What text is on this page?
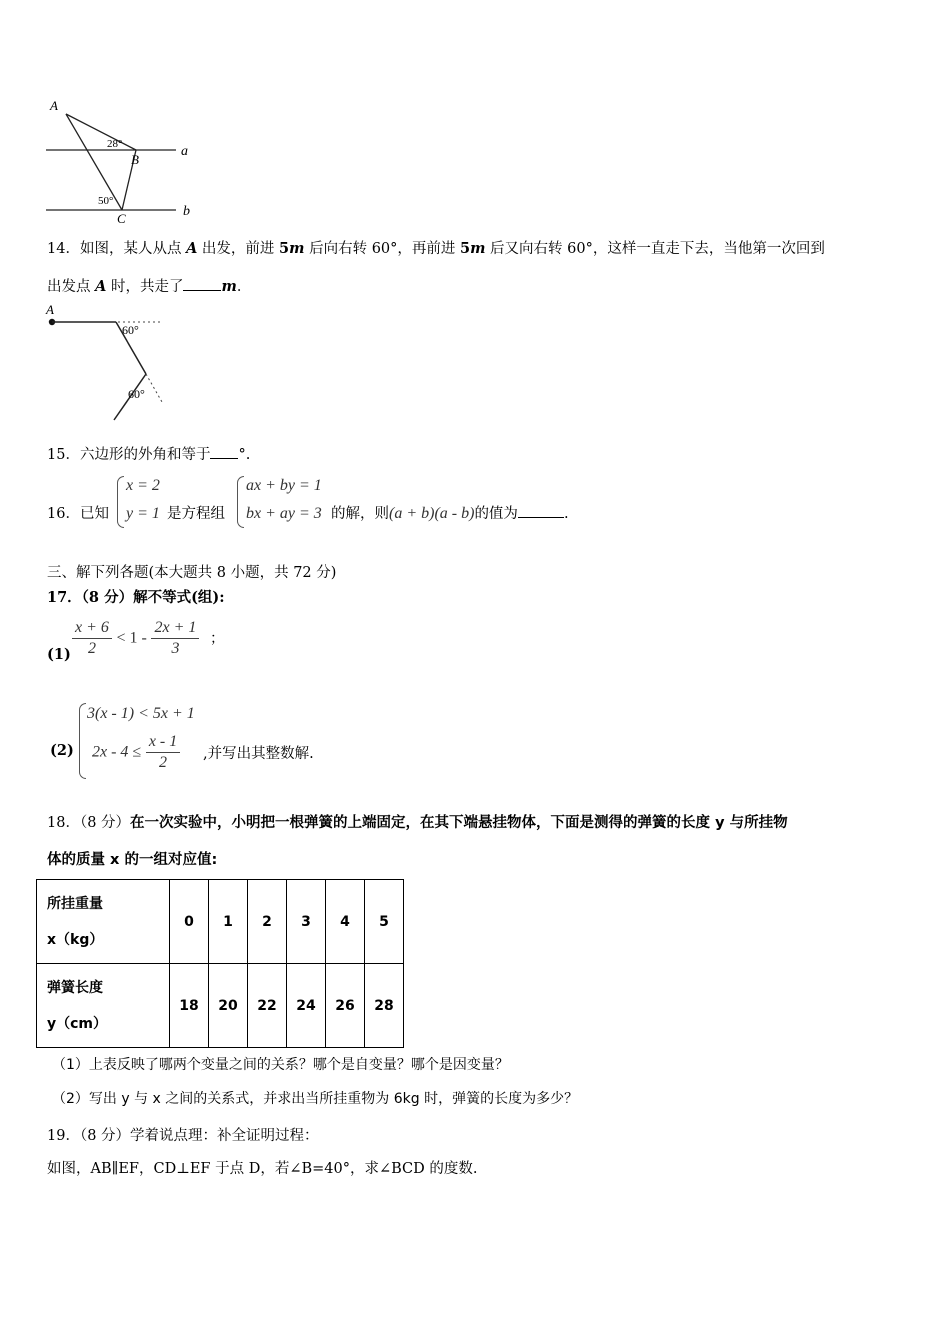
A
28°
B
a
50°
C	b
14．如图，某人从点 A 出发，前进 5m 后向右转 60°，再前进 5m 后又向右转 60°，这样一直走下去，当他第一次回到
出发点 A 时，共走了	m．
A
60°
60°
15．六边形的外角和等于 °.
16．已知
x = 2
y = 1 是方程组
ax + by = 1
bx + ay = 3 的解，则(a + b)(a - b)的值为	.
三、解下列各题(本大题共 8 小题，共 72 分)
17．（8 分）解不等式(组):
$(1) \frac{x + 6}{2} < 1 - \frac{2x + 1}{3}$ ；
(2)
3(x - 1) < 5x + 1
$2x - 4 \le \frac{x - 1}{2}$ ,并写出其整数解.
18．（8 分）在一次实验中，小明把一根弹簧的上端固定，在其下端悬挂物体，下面是测得的弹簧的长度 y 与所挂物
体的质量 x 的一组对应值:
所挂重量
x（kg）	0	1	2	3	4	5

弹簧长度
y（cm）	18	20	22	24	26	28
（1）上表反映了哪两个变量之间的关系？哪个是自变量？哪个是因变量？
（2）写出 y 与 x 之间的关系式，并求出当所挂重物为 6kg 时，弹簧的长度为多少？
19．（8 分）学着说点理：补全证明过程：
如图，AB∥EF，CD⊥EF 于点 D，若∠B=40°，求∠BCD 的度数.
